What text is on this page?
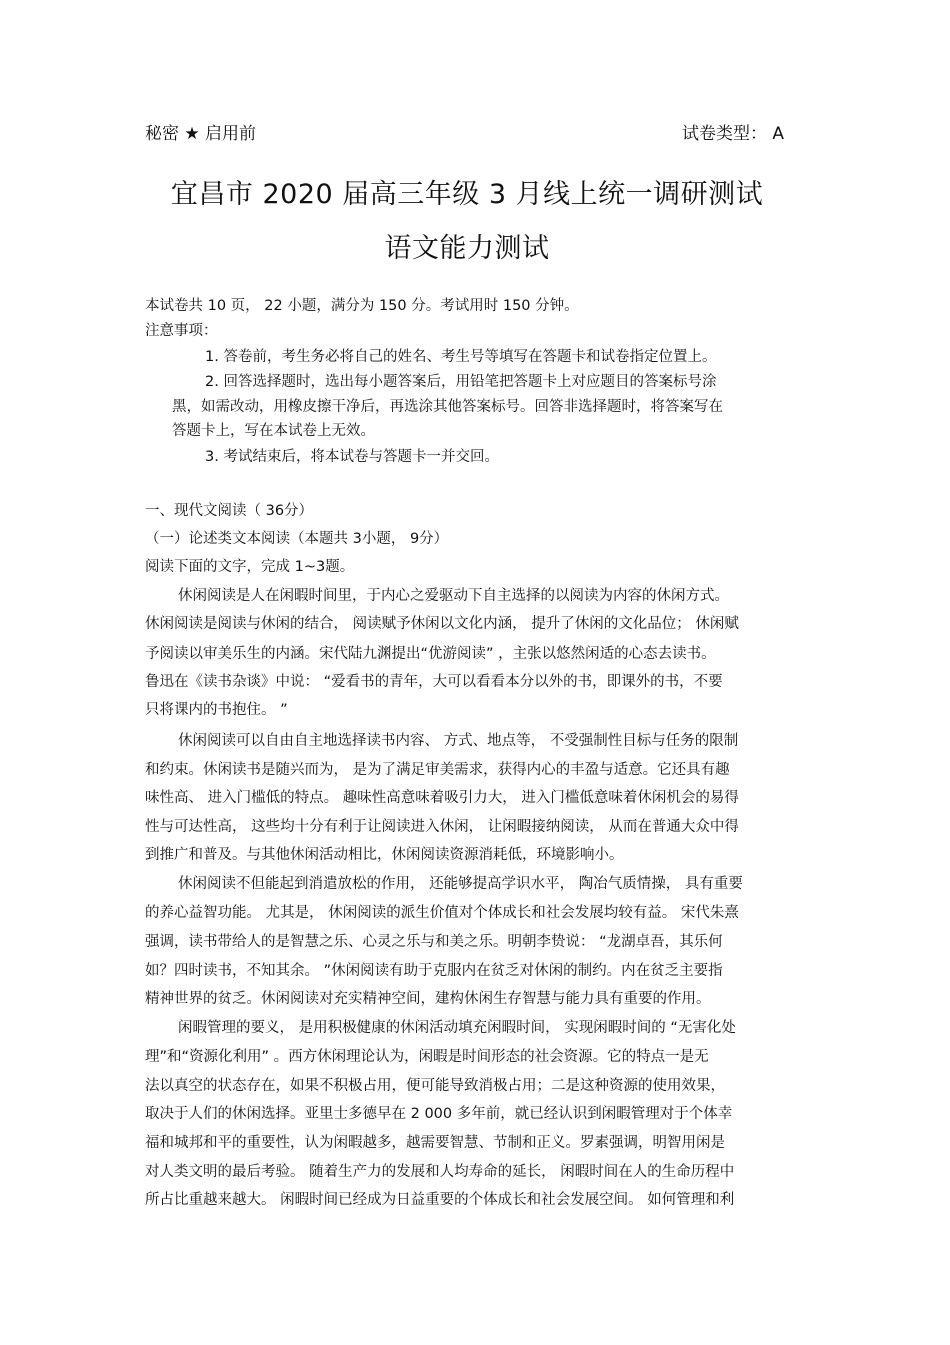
秘密 ★ 启用前	试卷类型： A
宜昌市 2020 届高三年级 3 月线上统一调研测试
语文能力测试
本试卷共 10 页， 22 小题，满分为 150 分。考试用时 150 分钟。
注意事项：
1. 答卷前，考生务必将自己的姓名、考生号等填写在答题卡和试卷指定位置上。
2. 回答选择题时，选出每小题答案后，用铅笔把答题卡上对应题目的答案标号涂
黑，如需改动，用橡皮擦干净后，再选涂其他答案标号。回答非选择题时，将答案写在
答题卡上，写在本试卷上无效。
3. 考试结束后，将本试卷与答题卡一并交回。
一、现代文阅读（ 36分）
（一）论述类文本阅读（本题共 3小题， 9分）
阅读下面的文字，完成 1~3题。
休闲阅读是人在闲暇时间里，于内心之爱驱动下自主选择的以阅读为内容的休闲方式。
休闲阅读是阅读与休闲的结合， 阅读赋予休闲以文化内涵， 提升了休闲的文化品位； 休闲赋
予阅读以审美乐生的内涵。宋代陆九渊提出“优游阅读” ，主张以悠然闲适的心态去读书。
鲁迅在《读书杂谈》中说： “爱看书的青年，大可以看看本分以外的书，即课外的书，不要
只将课内的书抱住。 ”
休闲阅读可以自由自主地选择读书内容、 方式、地点等， 不受强制性目标与任务的限制
和约束。休闲读书是随兴而为， 是为了满足审美需求，获得内心的丰盈与适意。它还具有趣
味性高、 进入门槛低的特点。 趣味性高意味着吸引力大， 进入门槛低意味着休闲机会的易得
性与可达性高， 这些均十分有利于让阅读进入休闲， 让闲暇接纳阅读， 从而在普通大众中得
到推广和普及。与其他休闲活动相比，休闲阅读资源消耗低，环境影响小。
休闲阅读不但能起到消遣放松的作用， 还能够提高学识水平， 陶冶气质情操， 具有重要
的养心益智功能。 尤其是， 休闲阅读的派生价值对个体成长和社会发展均较有益。 宋代朱熹
强调，读书带给人的是智慧之乐、心灵之乐与和美之乐。明朝李贽说： “龙湖卓吾，其乐何
如？四时读书，不知其余。 ”休闲阅读有助于克服内在贫乏对休闲的制约。内在贫乏主要指
精神世界的贫乏。休闲阅读对充实精神空间，建构休闲生存智慧与能力具有重要的作用。
闲暇管理的要义， 是用积极健康的休闲活动填充闲暇时间， 实现闲暇时间的 “无害化处
理”和“资源化利用” 。西方休闲理论认为，闲暇是时间形态的社会资源。它的特点一是无
法以真空的状态存在，如果不积极占用，便可能导致消极占用；二是这种资源的使用效果，
取决于人们的休闲选择。亚里士多德早在 2 000 多年前，就已经认识到闲暇管理对于个体幸
福和城邦和平的重要性，认为闲暇越多，越需要智慧、节制和正义。罗素强调，明智用闲是
对人类文明的最后考验。 随着生产力的发展和人均寿命的延长， 闲暇时间在人的生命历程中
所占比重越来越大。 闲暇时间已经成为日益重要的个体成长和社会发展空间。 如何管理和利
